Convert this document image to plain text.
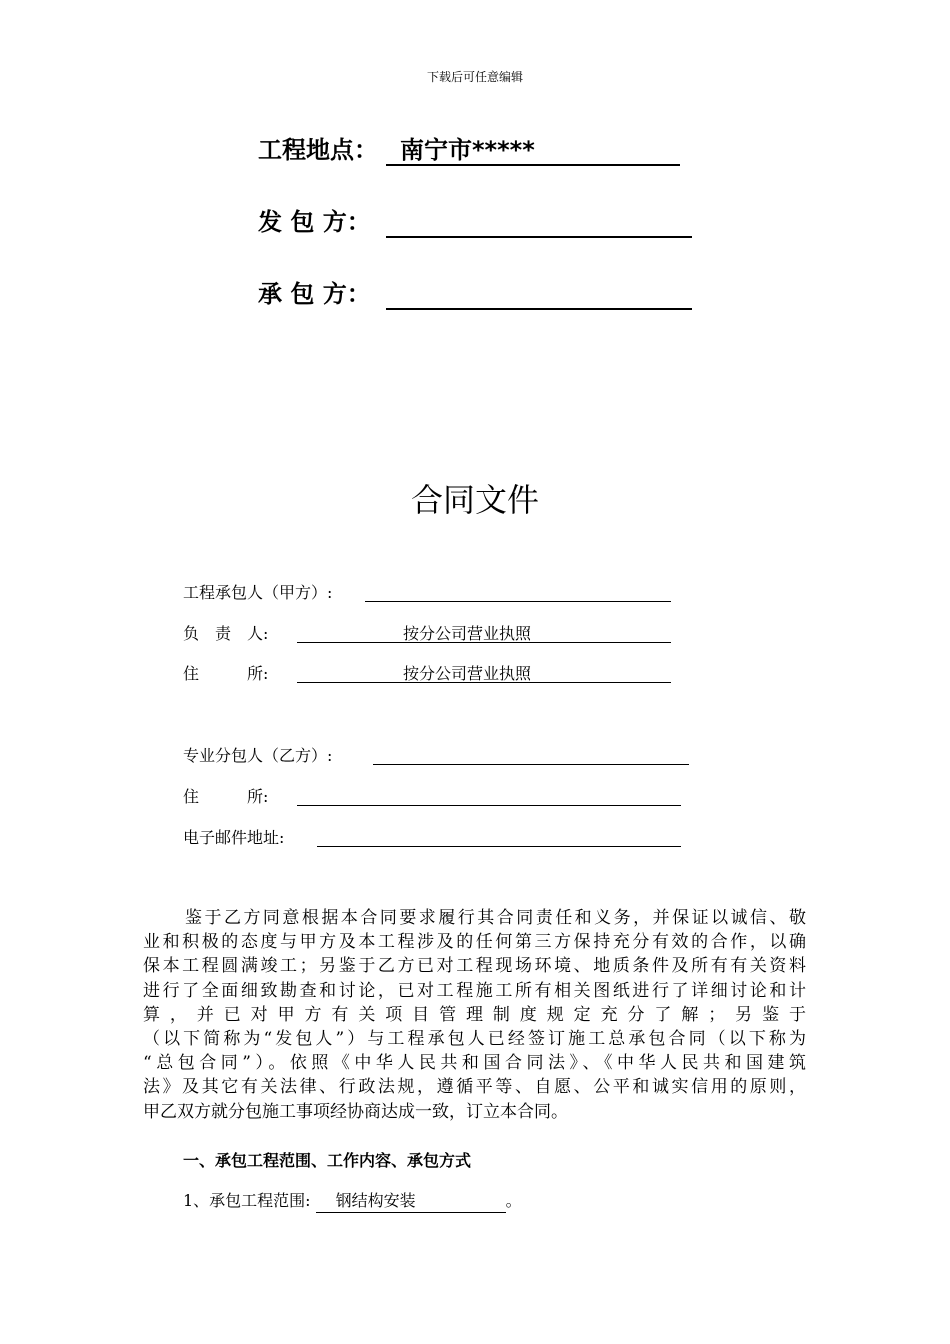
下载后可任意编辑
工程地点： 南宁市*****
发 包 方：
承 包 方：
合同文件
工程承包人（甲方）:
负　责　人:	按分公司营业执照
住　　　所:	按分公司营业执照
专业分包人（乙方）:
住　　　所:
电子邮件地址:
鉴于乙方同意根据本合同要求履行其合同责任和义务，并保证以诚信、敬
业和积极的态度与甲方及本工程涉及的任何第三方保持充分有效的合作，以确
保本工程圆满竣工；另鉴于乙方已对工程现场环境、地质条件及所有有关资料
进行了全面细致勘查和讨论，已对工程施工所有相关图纸进行了详细讨论和计
算，并已对甲方有关项目管理制度规定充分了解；另鉴于
（以下简称为“发包人”）与工程承包人已经签订施工总承包合同（以下称为
“总包合同”）。依照《中华人民共和国合同法》、《中华人民共和国建筑
法》及其它有关法律、行政法规，遵循平等、自愿、公平和诚实信用的原则，
甲乙双方就分包施工事项经协商达成一致，订立本合同。
一、承包工程范围、工作内容、承包方式
1、承包工程范围: 钢结构安装	。
